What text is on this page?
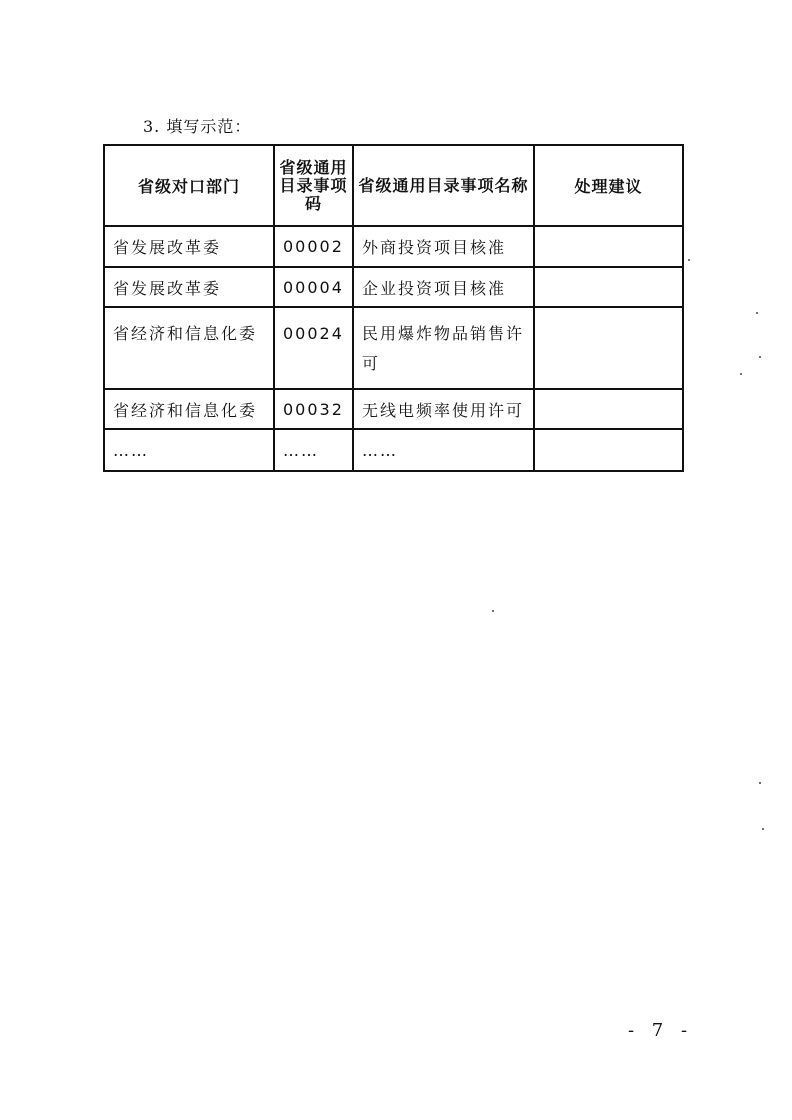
3. 填写示范：
省级对口部门	省级通用目录事项码	省级通用目录事项名称	处理建议
省发展改革委	00002	外商投资项目核准	
省发展改革委	00004	企业投资项目核准	
省经济和信息化委	00024	民用爆炸物品销售许可	
省经济和信息化委	00032	无线电频率使用许可	
……	……	……	
- 7 -
